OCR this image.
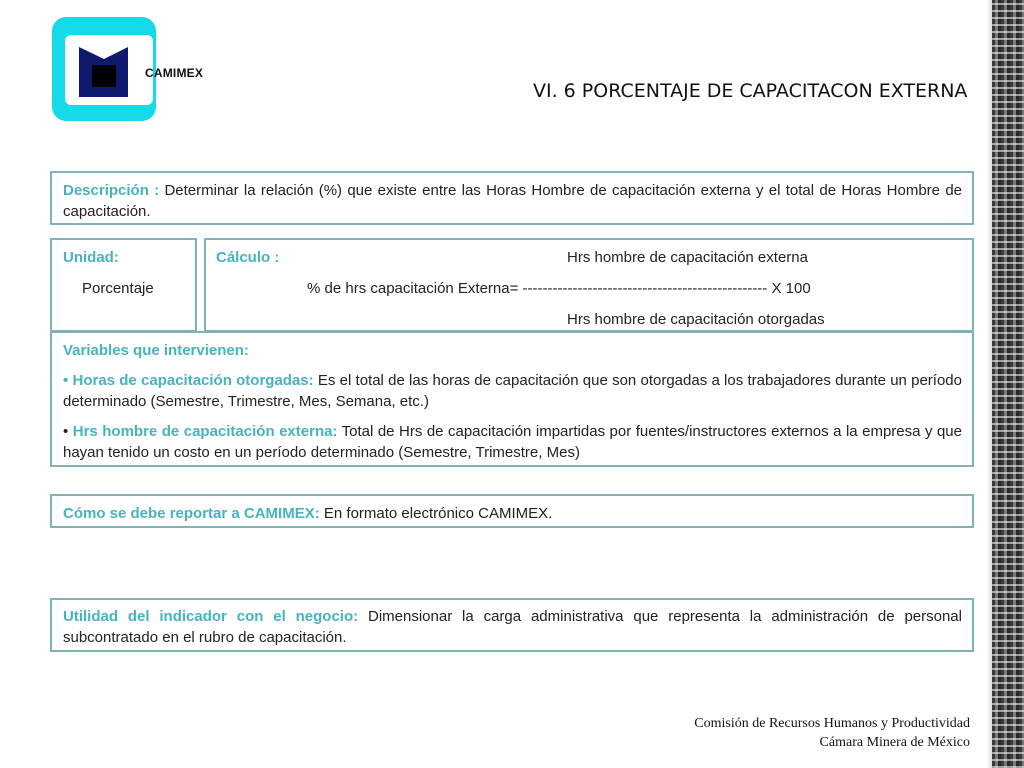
CAMIMEX
VI. 6 PORCENTAJE DE CAPACITACON EXTERNA
Descripción : Determinar la relación (%) que existe entre las Horas Hombre de capacitación externa y el total de Horas Hombre de capacitación.
Unidad:
Porcentaje
Cálculo :	Hrs hombre de capacitación externa
% de hrs capacitación Externa= ------------------------------------------------- X 100
Hrs hombre de capacitación otorgadas

Variables que intervienen:

• Horas de capacitación otorgadas: Es el total de las horas de capacitación que son otorgadas a los trabajadores durante un período determinado (Semestre, Trimestre, Mes, Semana, etc.)

• Hrs hombre de capacitación externa: Total de Hrs de capacitación impartidas por fuentes/instructores externos a la empresa y que hayan tenido un costo en un período determinado (Semestre, Trimestre, Mes)

Cómo se debe reportar a CAMIMEX: En formato electrónico CAMIMEX.
Utilidad del indicador con el negocio: Dimensionar la carga administrativa que representa la administración de personal subcontratado en el rubro de capacitación.
Comisión de Recursos Humanos y Productividad
Cámara Minera de México
